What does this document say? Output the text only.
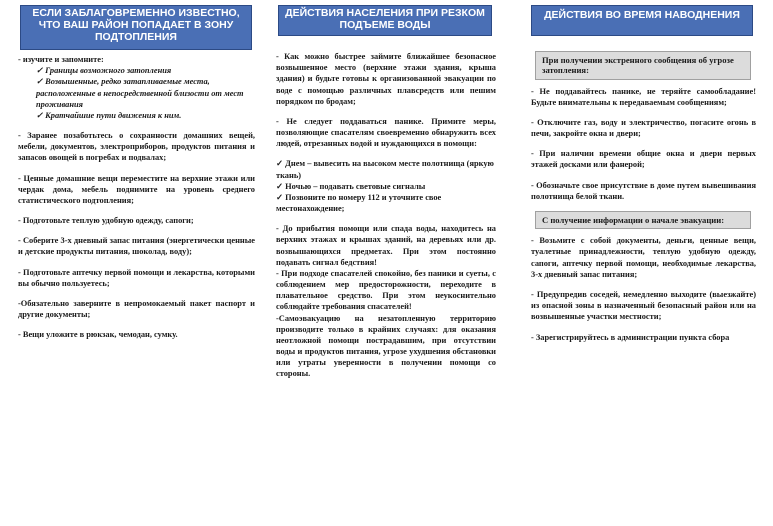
ЕСЛИ ЗАБЛАГОВРЕМЕННО ИЗВЕСТНО, ЧТО ВАШ РАЙОН ПОПАДАЕТ В ЗОНУ ПОДТОПЛЕНИЯ

- изучите и запомните:

✓ Границы возможного затопления

✓ Возвышенные, редко затапливаемые места, расположенные в непосредственной близости от мест проживания

✓ Кратчайшие пути движения к ним.

- Заранее позаботьтесь о сохранности домашних вещей, мебели, документов, электроприборов, продуктов питания и запасов овощей в погребах и подвалах;

- Ценные домашние вещи переместите на верхние этажи или чердак дома, мебель поднимите на уровень среднего статистического подтопления;

- Подготовьте теплую удобную одежду, сапоги;

- Соберите 3-х дневный запас питания (энергетически ценные и детские продукты питания, шоколад, воду);

- Подготовьте аптечку первой помощи и лекарства, которыми вы обычно пользуетесь;

-Обязательно заверните в непромокаемый пакет паспорт и другие документы;

- Вещи уложите в рюкзак, чемодан, сумку.

ДЕЙСТВИЯ НАСЕЛЕНИЯ ПРИ РЕЗКОМ ПОДЪЕМЕ ВОДЫ

- Как можно быстрее займите ближайшее безопасное возвышенное место (верхние этажи здания, крыша здания) и будьте готовы к организованной эвакуации по воде с помощью различных плавсредств или пешим порядком по бродам;

- Не следует поддаваться панике. Примите меры, позволяющие спасателям своевременно обнаружить всех людей, отрезанных водой и нуждающихся в помощи:

✓ Днем – вывесить на высоком месте полотнища (яркую ткань)

✓ Ночью – подавать световые сигналы

✓ Позвоните по номеру 112 и уточните свое местонахождение;

- До прибытия помощи или спада воды, находитесь на верхних этажах и крышах зданий, на деревьях или др. возвышающихся предметах. При этом постоянно подавать сигнал бедствия!

- При подходе спасателей спокойно, без паники и суеты, с соблюдением мер предосторожности, переходите в плавательное средство. При этом неукоснительно соблюдайте требования спасателей!

-Самоэвакуацию на незатопленную территорию производите только в крайних случаях: для оказания неотложной помощи пострадавшим, при отсутствии воды и продуктов питания, угрозе ухудшения обстановки или утраты уверенности в получении помощи со стороны.

ДЕЙСТВИЯ ВО ВРЕМЯ НАВОДНЕНИЯ
При получении экстренного сообщения об угрозе затопления:

- Не поддавайтесь панике, не теряйте самообладание! Будьте внимательны к передаваемым сообщениям;

- Отключите газ, воду и электричество, погасите огонь в печи, закройте окна и двери;

- При наличии времени общие окна и двери первых этажей досками или фанерой;

- Обозначьте свое присутствие в доме путем вывешивания полотнища белой ткани.

С получение информации о начале эвакуации:

- Возьмите с собой документы, деньги, ценные вещи, туалетные принадлежности, теплую удобную одежду, сапоги, аптечку первой помощи, необходимые лекарства, 3-х дневный запас питания;

- Предупредив соседей, немедленно выходите (выезжайте) из опасной зоны в назначенный безопасный район или на возвышенные участки местности;

- Зарегистрируйтесь в администрации пункта сбора
